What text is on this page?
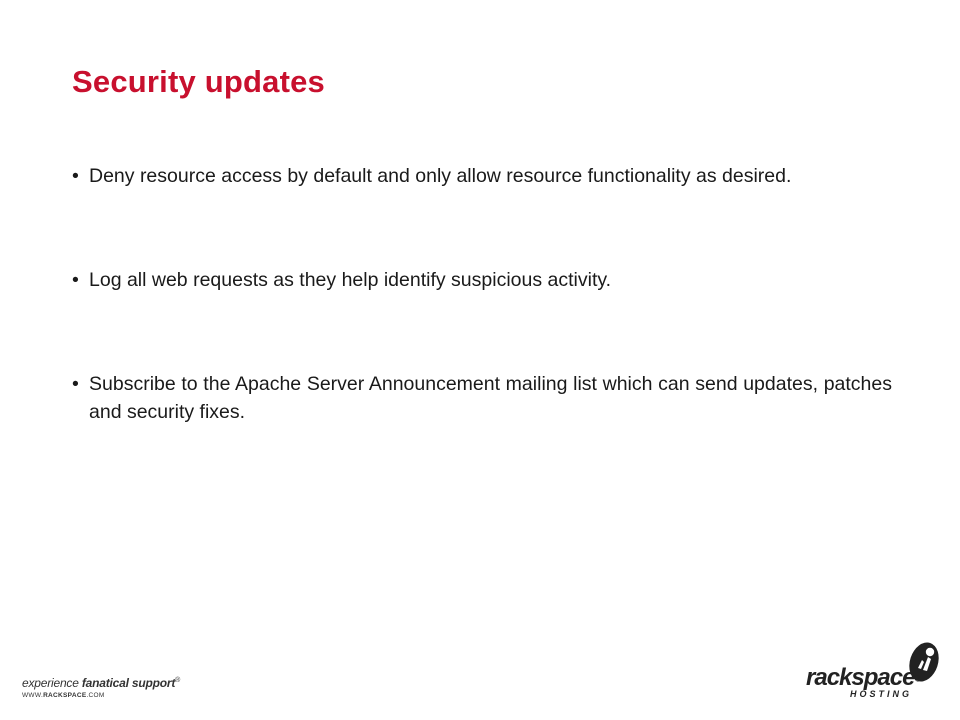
Security updates
• Deny resource access by default and only allow resource functionality as desired.
• Log all web requests as they help identify suspicious activity.
• Subscribe to the Apache Server Announcement mailing list which can send updates, patches and security fixes.
experience fanatical support®
WWW.RACKSPACE.COM
rackspace®
HOSTING
